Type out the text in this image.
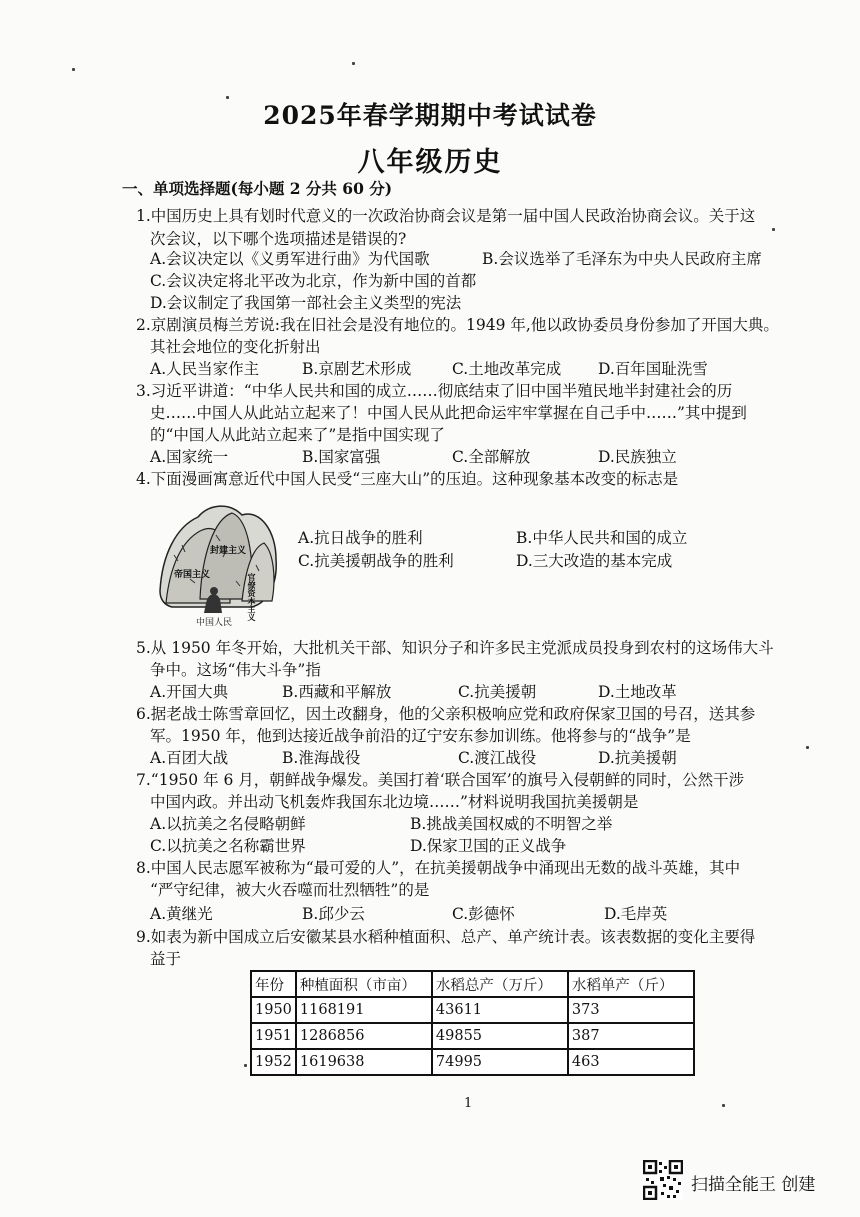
2025年春学期期中考试试卷
八年级历史
一、单项选择题(每小题 2 分共 60 分)
1.中国历史上具有划时代意义的一次政治协商会议是第一届中国人民政治协商会议。关于这
次会议，以下哪个选项描述是错误的?
A.会议决定以《义勇军进行曲》为代国歌	B.会议选举了毛泽东为中央人民政府主席
C.会议决定将北平改为北京，作为新中国的首都
D.会议制定了我国第一部社会主义类型的宪法
2.京剧演员梅兰芳说:我在旧社会是没有地位的。1949 年,他以政协委员身份参加了开国大典。
其社会地位的变化折射出
A.人民当家作主	B.京剧艺术形成	C.土地改革完成 D.百年国耻洗雪
3.习近平讲道：“中华人民共和国的成立……彻底结束了旧中国半殖民地半封建社会的历
史……中国人从此站立起来了！中国人民从此把命运牢牢掌握在自己手中……”其中提到
的“中国人从此站立起来了”是指中国实现了
A.国家统一	B.国家富强	C.全部解放	D.民族独立
4.下面漫画寓意近代中国人民受“三座大山”的压迫。这种现象基本改变的标志是
帝国主义
封建主义
官僚资本主义
中国人民
A.抗日战争的胜利	B.中华人民共和国的成立
C.抗美援朝战争的胜利	D.三大改造的基本完成
5.从 1950 年冬开始，大批机关干部、知识分子和许多民主党派成员投身到农村的这场伟大斗
争中。这场“伟大斗争”指
A.开国大典	B.西藏和平解放	C.抗美援朝	D.土地改革
6.据老战士陈雪章回忆，因土改翻身，他的父亲积极响应党和政府保家卫国的号召，送其参
军。1950 年，他到达接近战争前沿的辽宁安东参加训练。他将参与的“战争”是
A.百团大战	B.淮海战役	C.渡江战役	D.抗美援朝
7.“1950 年 6 月，朝鲜战争爆发。美国打着‘联合国军’的旗号入侵朝鲜的同时，公然干涉
中国内政。并出动飞机轰炸我国东北边境……”材料说明我国抗美援朝是
A.以抗美之名侵略朝鲜	B.挑战美国权威的不明智之举
C.以抗美之名称霸世界	D.保家卫国的正义战争
8.中国人民志愿军被称为“最可爱的人”，在抗美援朝战争中涌现出无数的战斗英雄，其中
“严守纪律，被大火吞噬而壮烈牺牲”的是
A.黄继光	B.邱少云	C.彭德怀	D.毛岸英
9.如表为新中国成立后安徽某县水稻种植面积、总产、单产统计表。该表数据的变化主要得
益于
年份	种植面积（市亩）	水稻总产（万斤）	水稻单产（斤）
1950	1168191	43611	373
1951	1286856	49855	387
1952	1619638	74995	463
1
扫描全能王 创建
